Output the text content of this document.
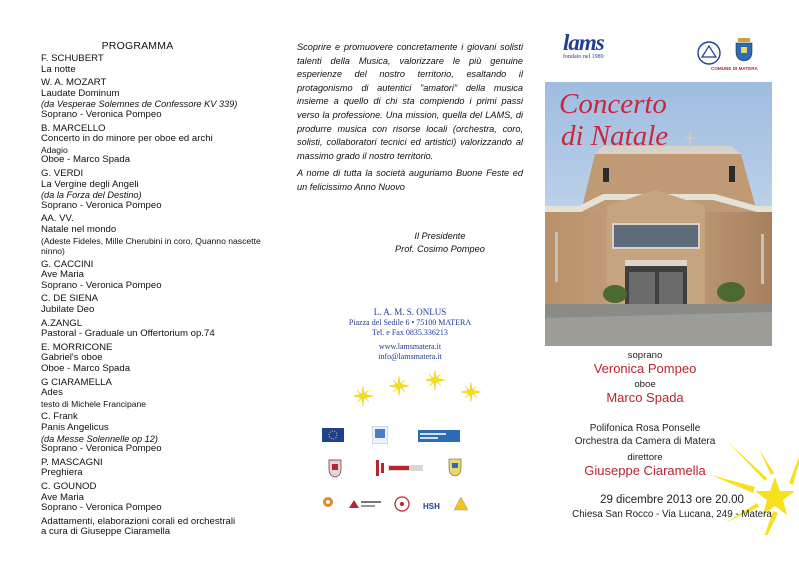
PROGRAMMA
F. SCHUBERT
La notte
W. A. MOZART
Laudate Dominum
(da Vesperae Solemnes de Confessore KV 339)
Soprano - Veronica Pompeo
B. MARCELLO
Concerto in do minore per oboe ed archi
Adagio
Oboe - Marco Spada
G. VERDI
La Vergine degli Angeli
(da la Forza del Destino)
Soprano - Veronica Pompeo
AA. VV.
Natale nel mondo
(Adeste Fideles, Mille Cherubini in coro, Quanno nascette ninno)
G. CACCINI
Ave Maria
Soprano - Veronica Pompeo
C. DE SIENA
Jubilate Deo
A.ZANGL
Pastoral - Graduale un Offertorium op.74
E. MORRICONE
Gabriel's oboe
Oboe - Marco Spada
G CIARAMELLA
Ades
testo di Michele Francipane
C. Frank
Panis Angelicus
(da Messe Solennelle op 12)
Soprano - Veronica Pompeo
P. MASCAGNI
Preghiera
C. GOUNOD
Ave Maria
Soprano - Veronica Pompeo
Adattamenti, elaborazioni corali ed orchestrali
a cura di Giuseppe Ciaramella

Scoprire e promuovere concretamente i giovani solisti talenti della Musica, valorizzare le più genuine esperienze del nostro territorio, esaltando il protagonismo di autentici "amatori" della musica insieme a quello di chi sta compiendo i primi passi verso la professione. Una mission, quella del LAMS, di produrre musica con risorse locali (orchestra, coro, solisti, collaboratori tecnici ed artistici) valorizzando al massimo grado il nostro territorio.

A nome di tutta la società auguriamo Buone Feste ed un felicissimo Anno Nuovo

Il Presidente
Prof. Cosimo Pompeo
L. A. M. S. ONLUS
Piazza del Sedile 6 • 75100 MATERA
Tel. e Fax 0835.336213
www.lamsmatera.it
info@lamsmatera.it
HSH
lams
fondato nel 1989
COMUNE DI MATERA
Concerto
di Natale
soprano
Veronica Pompeo
oboe
Marco Spada
Polifonica Rosa Ponselle
Orchestra da Camera di Matera
direttore
Giuseppe Ciaramella
29 dicembre 2013 ore 20.00
Chiesa San Rocco - Via Lucana, 249 - Matera
